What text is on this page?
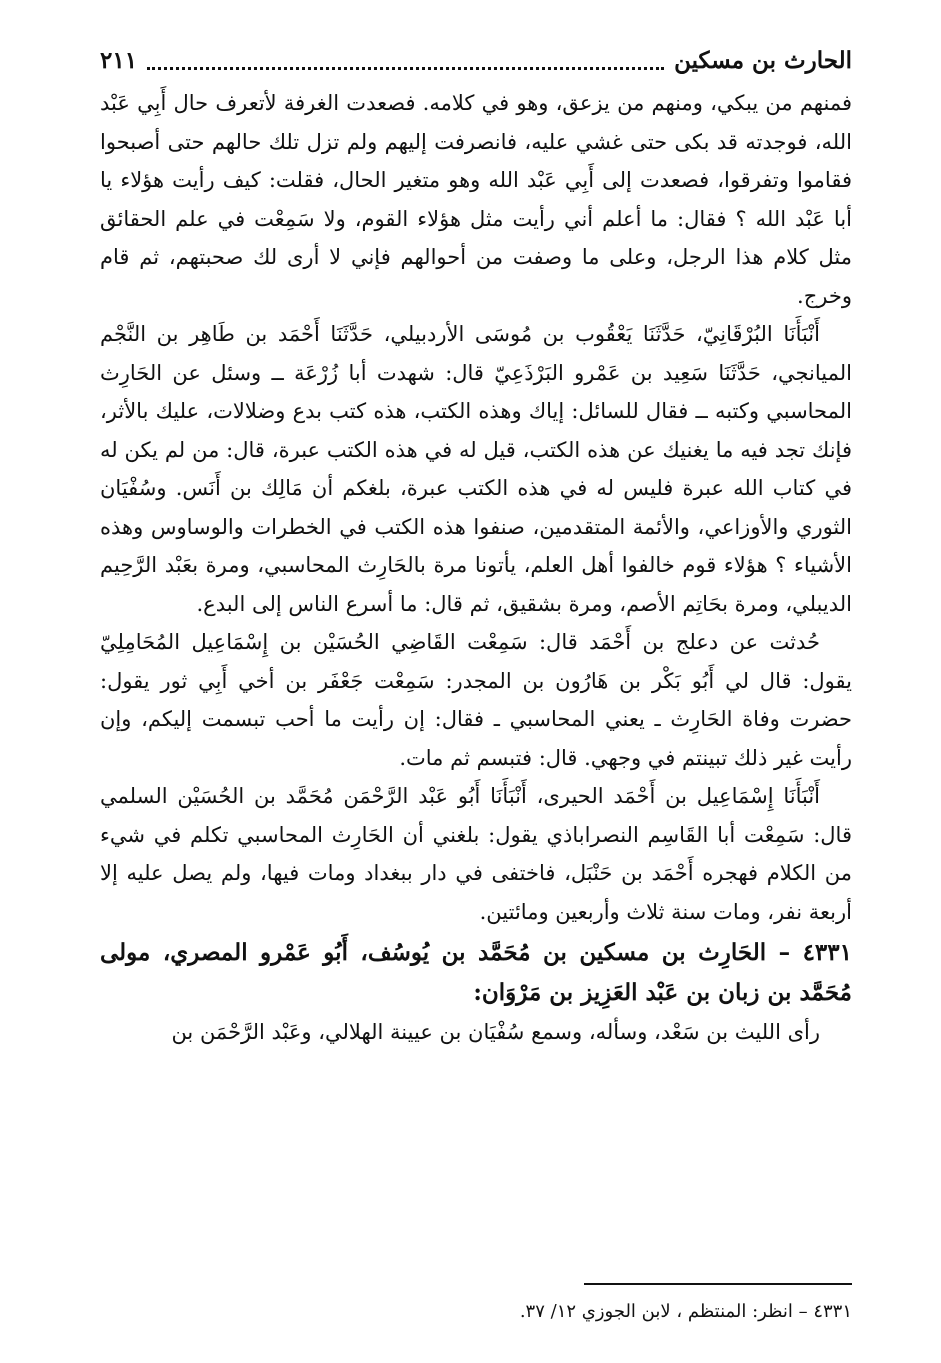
الحارث بن مسكين
٢١١

فمنهم من يبكي، ومنهم من يزعق، وهو في كلامه. فصعدت الغرفة لأتعرف حال أَبِي عَبْد الله، فوجدته قد بكى حتى غشي عليه، فانصرفت إليهم ولم تزل تلك حالهم حتى أصبحوا فقاموا وتفرقوا، فصعدت إلى أَبِي عَبْد الله وهو متغير الحال، فقلت: كيف رأيت هؤلاء يا أبا عَبْد الله ؟ فقال: ما أعلم أني رأيت مثل هؤلاء القوم، ولا سَمِعْت في علم الحقائق مثل كلام هذا الرجل، وعلى ما وصفت من أحوالهم فإني لا أرى لك صحبتهم، ثم قام وخرج.

أَنْبَأَنَا البُرْقَانِيّ، حَدَّثَنَا يَعْقُوب بن مُوسَى الأردبيلي، حَدَّثَنَا أَحْمَد بن طَاهِر بن النَّجْم الميانجي، حَدَّثَنَا سَعِيد بن عَمْرو البَرْذَعِيّ قال: شهدت أبا زُرْعَة ــ وسئل عن الحَارِث المحاسبي وكتبه ــ فقال للسائل: إياك وهذه الكتب، هذه كتب بدع وضلالات، عليك بالأثر، فإنك تجد فيه ما يغنيك عن هذه الكتب، قيل له في هذه الكتب عبرة، قال: من لم يكن له في كتاب الله عبرة فليس له في هذه الكتب عبرة، بلغكم أن مَالِك بن أَنَس. وسُفْيَان الثوري والأوزاعي، والأئمة المتقدمين، صنفوا هذه الكتب في الخطرات والوساوس وهذه الأشياء ؟ هؤلاء قوم خالفوا أهل العلم، يأتونا مرة بالحَارِث المحاسبي، ومرة بعَبْد الرَّحِيم الديبلي، ومرة بحَاتِم الأصم، ومرة بشقيق، ثم قال: ما أسرع الناس إلى البدع.

حُدثت عن دعلج بن أَحْمَد قال: سَمِعْت القَاضِي الحُسَيْن بن إِسْمَاعِيل المُحَامِلِيّ يقول: قال لي أَبُو بَكْر بن هَارُون بن المجدر: سَمِعْت جَعْفَر بن أخي أَبِي ثور يقول: حضرت وفاة الحَارِث ـ يعني المحاسبي ـ فقال: إن رأيت ما أحب تبسمت إليكم، وإن رأيت غير ذلك تبينتم في وجهي. قال: فتبسم ثم مات.

أَنْبَأَنَا إِسْمَاعِيل بن أَحْمَد الحيرى، أَنْبَأَنَا أَبُو عَبْد الرَّحْمَن مُحَمَّد بن الحُسَيْن السلمي قال: سَمِعْت أبا القَاسِم النصراباذي يقول: بلغني أن الحَارِث المحاسبي تكلم في شيء من الكلام فهجره أَحْمَد بن حَنْبَل، فاختفى في دار ببغداد ومات فيها، ولم يصل عليه إلا أربعة نفر، ومات سنة ثلاث وأربعين ومائتين.

٤٣٣١ – الحَارِث بن مسكين بن مُحَمَّد بن يُوسُف، أَبُو عَمْرو المصري، مولى مُحَمَّد بن زبان بن عَبْد العَزِيز بن مَرْوَان:

رأى الليث بن سَعْد، وسأله، وسمع سُفْيَان بن عيينة الهلالي، وعَبْد الرَّحْمَن بن

٤٣٣١ – انظر: المنتظم ، لابن الجوزي ١٢/ ٣٧.
